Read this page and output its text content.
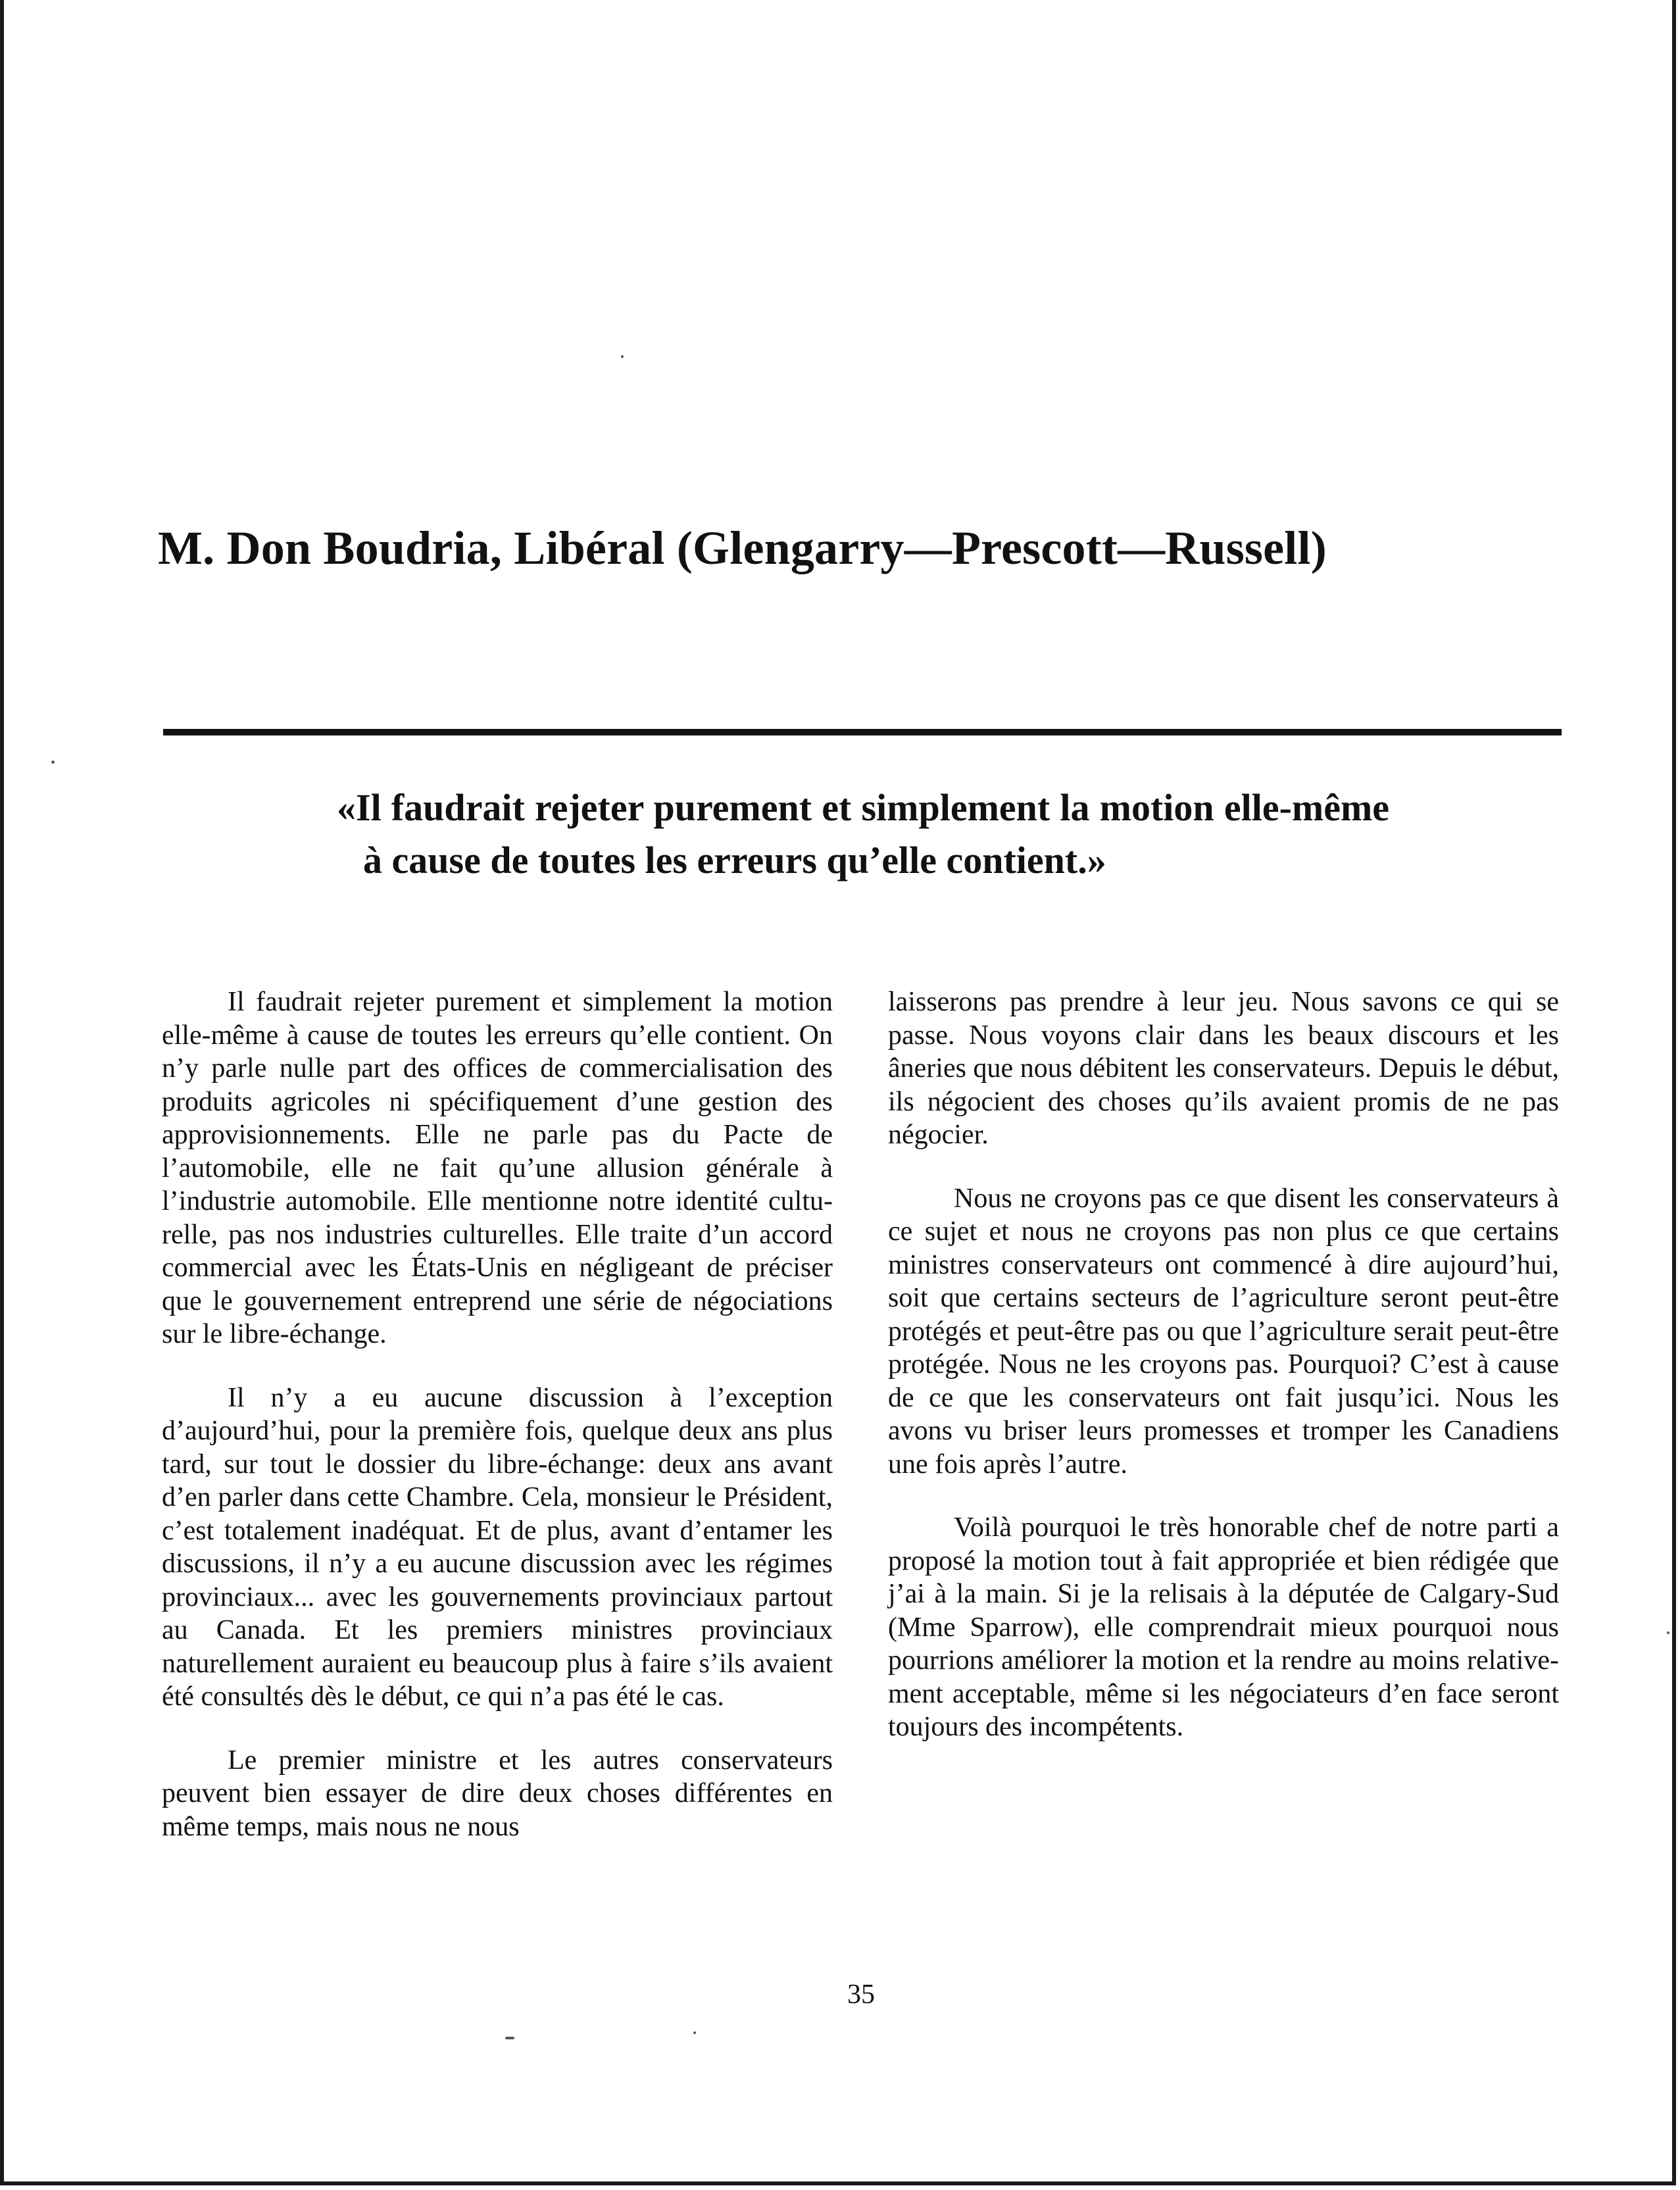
M. Don Boudria, Libéral (Glengarry—Prescott—Russell)

«Il faudrait rejeter purement et simplement la motion elle-même à cause de toutes les erreurs qu’elle contient.»

Il faudrait rejeter purement et simplement la motion elle-même à cause de toutes les erreurs qu’elle contient. On n’y parle nulle part des offices de commercialisation des produits agricoles ni spécifiquement d’une gestion des approvisionnements. Elle ne parle pas du Pacte de l’automobile, elle ne fait qu’une allusion générale à l’industrie automobile. Elle mentionne notre identité culturelle, pas nos industries culturelles. Elle traite d’un accord commercial avec les États-Unis en négligeant de préciser que le gouvernement entreprend une série de négociations sur le libre-échange.

Il n’y a eu aucune discussion à l’exception d’aujourd’hui, pour la première fois, quelque deux ans plus tard, sur tout le dossier du libre-échange: deux ans avant d’en parler dans cette Chambre. Cela, monsieur le Président, c’est totalement inadéquat. Et de plus, avant d’entamer les discussions, il n’y a eu aucune discussion avec les régimes provinciaux... avec les gouvernements provinciaux partout au Canada. Et les premiers ministres provinciaux naturellement auraient eu beaucoup plus à faire s’ils avaient été consultés dès le début, ce qui n’a pas été le cas.

Le premier ministre et les autres conservateurs peuvent bien essayer de dire deux choses différentes en même temps, mais nous ne nous

laisserons pas prendre à leur jeu. Nous savons ce qui se passe. Nous voyons clair dans les beaux discours et les âneries que nous débitent les conservateurs. Depuis le début, ils négocient des choses qu’ils avaient promis de ne pas négocier.

Nous ne croyons pas ce que disent les conservateurs à ce sujet et nous ne croyons pas non plus ce que certains ministres conservateurs ont commencé à dire aujourd’hui, soit que certains secteurs de l’agriculture seront peut-être protégés et peut-être pas ou que l’agriculture serait peut-être protégée. Nous ne les croyons pas. Pourquoi? C’est à cause de ce que les conservateurs ont fait jusqu’ici. Nous les avons vu briser leurs promesses et tromper les Canadiens une fois après l’autre.

Voilà pourquoi le très honorable chef de notre parti a proposé la motion tout à fait appropriée et bien rédigée que j’ai à la main. Si je la relisais à la députée de Calgary-Sud (Mme Sparrow), elle comprendrait mieux pourquoi nous pourrions améliorer la motion et la rendre au moins relativement acceptable, même si les négociateurs d’en face seront toujours des incompétents.

35
